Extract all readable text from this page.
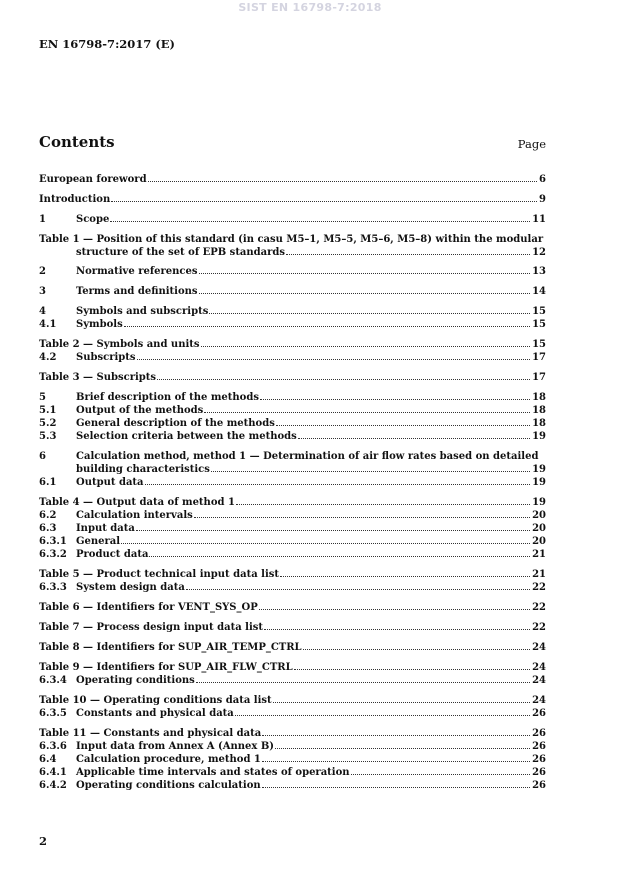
SIST EN 16798-7:2018
EN 16798-7:2017 (E)
Contents	Page
European foreword	6
Introduction	9
1	Scope	11
Table 1 — Position of this standard (in casu M5–1, M5–5, M5–6, M5–8) within the modular
structure of the set of EPB standards	12
2	Normative references	13
3	Terms and definitions	14
4	Symbols and subscripts	15
4.1 Symbols	15
Table 2 — Symbols and units	15
4.2 Subscripts	17
Table 3 — Subscripts	17
5	Brief description of the methods	18
5.1 Output of the methods	18
5.2 General description of the methods	18
5.3 Selection criteria between the methods	19
6	Calculation method, method 1 — Determination of air flow rates based on detailed
building characteristics	19
6.1 Output data	19
Table 4 — Output data of method 1	19
6.2 Calculation intervals	20
6.3 Input data	20
6.3.1 General	20
6.3.2 Product data	21
Table 5 — Product technical input data list	21
6.3.3 System design data	22
Table 6 — Identifiers for VENT_SYS_OP	22
Table 7 — Process design input data list	22
Table 8 — Identifiers for SUP_AIR_TEMP_CTRL	24
Table 9 — Identifiers for SUP_AIR_FLW_CTRL	24
6.3.4 Operating conditions	24
Table 10 — Operating conditions data list	24
6.3.5 Constants and physical data	26
Table 11 — Constants and physical data	26
6.3.6 Input data from Annex A (Annex B)	26
6.4 Calculation procedure, method 1	26
6.4.1 Applicable time intervals and states of operation	26
6.4.2 Operating conditions calculation	26
2
